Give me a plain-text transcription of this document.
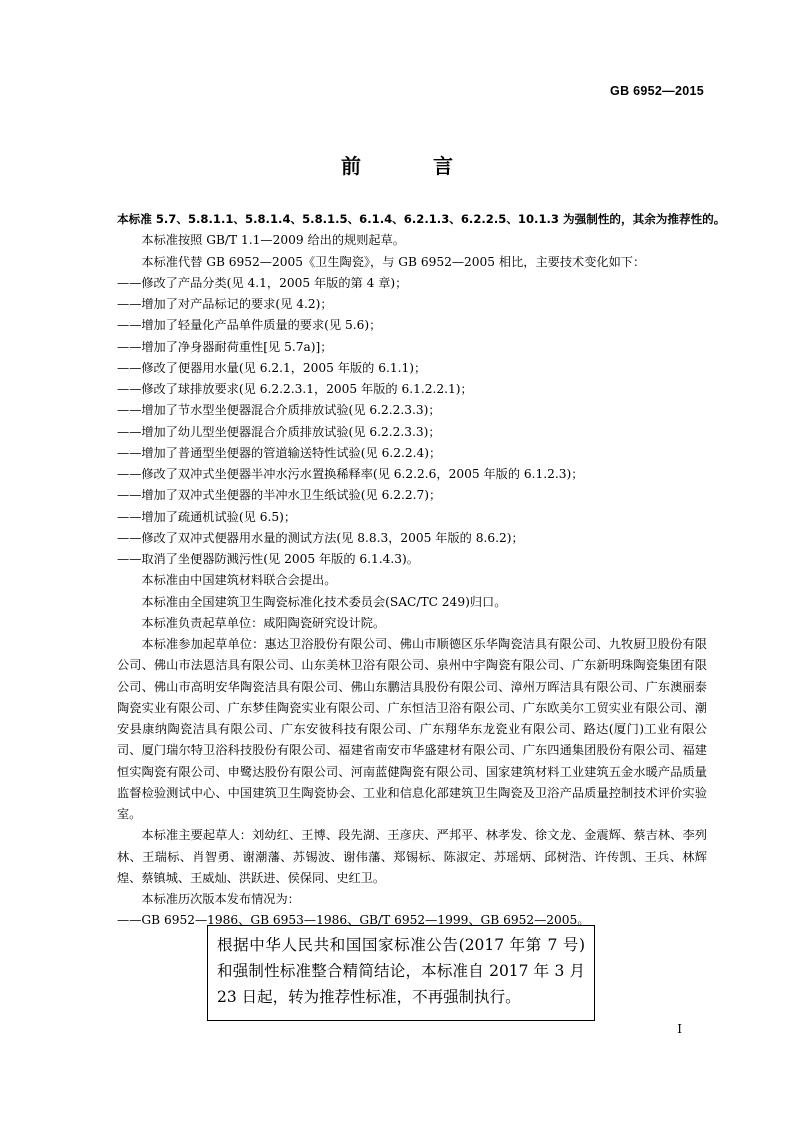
GB 6952—2015
前　言

本标准 5.7、5.8.1.1、5.8.1.4、5.8.1.5、6.1.4、6.2.1.3、6.2.2.5、10.1.3 为强制性的，其余为推荐性的。

本标准按照 GB/T 1.1—2009 给出的规则起草。

本标准代替 GB 6952—2005《卫生陶瓷》，与 GB 6952—2005 相比，主要技术变化如下：

——修改了产品分类(见 4.1，2005 年版的第 4 章)；

——增加了对产品标记的要求(见 4.2)；

——增加了轻量化产品单件质量的要求(见 5.6)；

——增加了净身器耐荷重性[见 5.7a)]；

——修改了便器用水量(见 6.2.1，2005 年版的 6.1.1)；

——修改了球排放要求(见 6.2.2.3.1，2005 年版的 6.1.2.2.1)；

——增加了节水型坐便器混合介质排放试验(见 6.2.2.3.3)；

——增加了幼儿型坐便器混合介质排放试验(见 6.2.2.3.3)；

——增加了普通型坐便器的管道输送特性试验(见 6.2.2.4)；

——修改了双冲式坐便器半冲水污水置换稀释率(见 6.2.2.6，2005 年版的 6.1.2.3)；

——增加了双冲式坐便器的半冲水卫生纸试验(见 6.2.2.7)；

——增加了疏通机试验(见 6.5)；

——修改了双冲式便器用水量的测试方法(见 8.8.3，2005 年版的 8.6.2)；

——取消了坐便器防溅污性(见 2005 年版的 6.1.4.3)。

本标准由中国建筑材料联合会提出。

本标准由全国建筑卫生陶瓷标准化技术委员会(SAC/TC 249)归口。

本标准负责起草单位：咸阳陶瓷研究设计院。

本标准参加起草单位：惠达卫浴股份有限公司、佛山市顺德区乐华陶瓷洁具有限公司、九牧厨卫股份有限公司、佛山市法恩洁具有限公司、山东美林卫浴有限公司、泉州中宇陶瓷有限公司、广东新明珠陶瓷集团有限公司、佛山市高明安华陶瓷洁具有限公司、佛山东鹏洁具股份有限公司、漳州万晖洁具有限公司、广东澳丽泰陶瓷实业有限公司、广东梦佳陶瓷实业有限公司、广东恒洁卫浴有限公司、广东欧美尔工贸实业有限公司、潮安县康纳陶瓷洁具有限公司、广东安彼科技有限公司、广东翔华东龙瓷业有限公司、路达(厦门)工业有限公司、厦门瑞尔特卫浴科技股份有限公司、福建省南安市华盛建材有限公司、广东四通集团股份有限公司、福建恒实陶瓷有限公司、申鹭达股份有限公司、河南蓝健陶瓷有限公司、国家建筑材料工业建筑五金水暖产品质量监督检验测试中心、中国建筑卫生陶瓷协会、工业和信息化部建筑卫生陶瓷及卫浴产品质量控制技术评价实验室。

本标准主要起草人：刘幼红、王博、段先湖、王彦庆、严邦平、林孝发、徐文龙、金震辉、蔡吉林、李列林、王瑞标、肖智勇、谢潮藩、苏锡波、谢伟藩、郑锡标、陈淑定、苏瑶炳、邱树浩、许传凯、王兵、林辉煌、蔡镇城、王威灿、洪跃进、侯保同、史红卫。

本标准历次版本发布情况为：

——GB 6952—1986、GB 6953—1986、GB/T 6952—1999、GB 6952—2005。

根据中华人民共和国国家标准公告(2017 年第 7 号)和强制性标准整合精简结论，本标准自 2017 年 3 月 23 日起，转为推荐性标准，不再强制执行。
I
